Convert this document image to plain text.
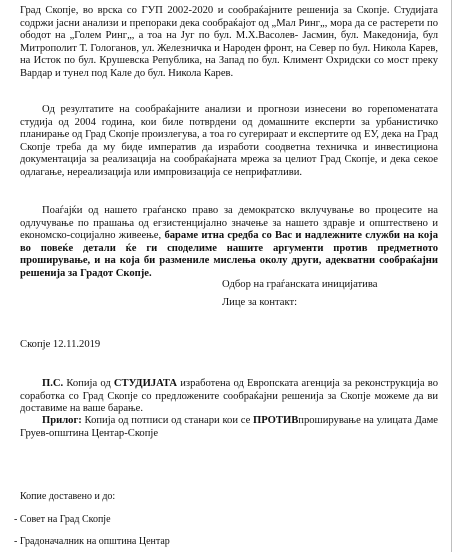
Град Скопје, во врска со ГУП 2002-2020 и сообраќајните решенија за Скопје. Студијата содржи јасни анализи и препораки дека сообраќајот од „Мал Ринг„, мора да се растерети по ободот на „Голем Ринг„, а тоа на Југ по бул. М.Х.Васолев- Јасмин, бул. Македонија, бул Митрополит Т. Гологанов, ул. Железничка и Народен фронт, на Север по бул. Никола Карев, на Исток по бул. Крушевска Република, на Запад по бул. Климент Охридски со мост преку Вардар и тунел под Кале до бул. Никола Карев.

Од резултатите на сообраќајните анализи и прогнози изнесени во горепоменатата студија од 2004 година, кои биле потврдени од домашните експерти за урбанистичко планирање од Град Скопје произлегува, а тоа го сугерираат и експертите од ЕУ, дека на Град Скопје треба да му биде императив да изработи соодветна техничка и инвестициона документација за реализација на сообраќајната мрежа за целиот Град Скопје, и дека секое одлагање, нереализација или импровизација се неприфатливи.

Поаѓајќи од нашето граѓанско право за демократско вклучување во процесите на одлучување по прашања од егзистенцијално значење за нашето здравје и општествено и економско-социјално живеење, бараме итна средба со Вас и надлежните служби на која во повеќе детали ќе ги споделиме нашите аргументи против предметното проширување, и на која би размениле мислења околу други, адекватни сообраќајни решенија за Градот Скопје.

Одбор на граѓанската иницијатива
Лице за контакт:
Скопје 12.11.2019

П.С. Копија од СТУДИЈАТА изработена од Европската агенција за реконструкција во соработка со Град Скопје со предложените сообраќајни решенија за Скопје можеме да ви доставиме на ваше барање.

Прилог: Копија од потписи од станари кои се ПРОТИВпроширување на улицата Даме Груев-општина Центар-Скопје

Копие доставено и до:
- Совет на Град Скопје
- Градоначалник на општина Центар
